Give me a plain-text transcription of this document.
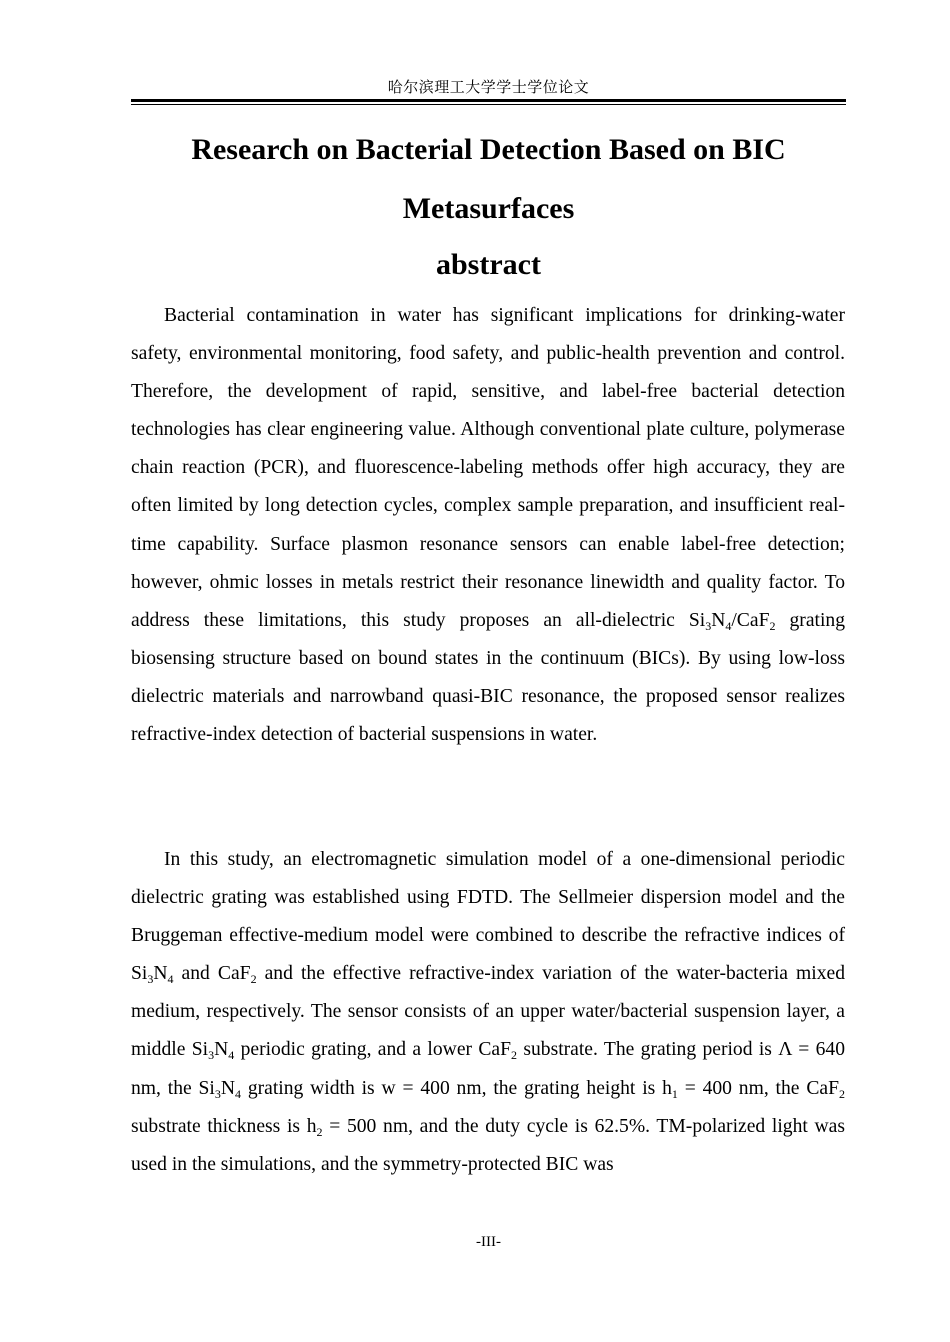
哈尔滨理工大学学士学位论文
Research on Bacterial Detection Based on BIC
Metasurfaces
abstract

Bacterial contamination in water has significant implications for drinking-water safety, environmental monitoring, food safety, and public-health prevention and control. Therefore, the development of rapid, sensitive, and label-free bacterial detection technologies has clear engineering value. Although conventional plate culture, polymerase chain reaction (PCR), and fluorescence-labeling methods offer high accuracy, they are often limited by long detection cycles, complex sample preparation, and insufficient real-time capability. Surface plasmon resonance sensors can enable label-free detection; however, ohmic losses in metals restrict their resonance linewidth and quality factor. To address these limitations, this study proposes an all-dielectric $Si_3N_4/CaF_2$ grating biosensing structure based on bound states in the continuum (BICs). By using low-loss dielectric materials and narrowband quasi-BIC resonance, the proposed sensor realizes refractive-index detection of bacterial suspensions in water.

In this study, an electromagnetic simulation model of a one-dimensional periodic dielectric grating was established using FDTD. The Sellmeier dispersion model and the Bruggeman effective-medium model were combined to describe the refractive indices of $Si_3N_4$ and CaF$_2$ and the effective refractive-index variation of the water-bacteria mixed medium, respectively. The sensor consists of an upper water/bacterial suspension layer, a middle $Si_3N_4$ periodic grating, and a lower CaF$_2$ substrate. The grating period is Λ = 640 nm, the $Si_3N_4$ grating width is w = 400 nm, the grating height is $h_1 = 400$ nm, the CaF$_2$ substrate thickness is $h_2 = 500$ nm, and the duty cycle is 62.5%. TM-polarized light was used in the simulations, and the symmetry-protected BIC was

-III-
